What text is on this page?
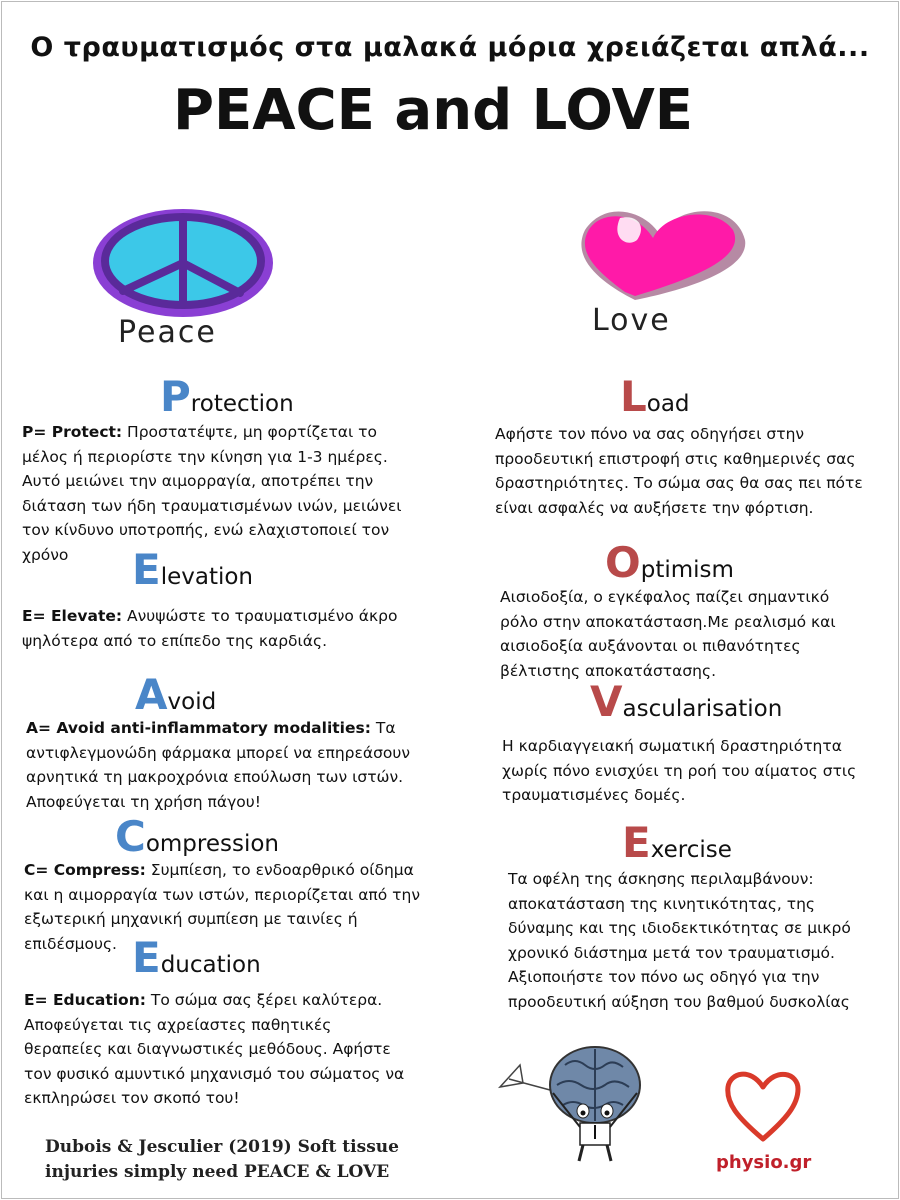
Ο τραυματισμός στα μαλακά μόρια χρειάζεται απλά...
PEACE and LOVE
Peace	Love
Protection
P= Protect: Προστατέψτε, μη φορτίζεται το μέλος ή περιορίστε την κίνηση για 1-3 ημέρες. Αυτό μειώνει την αιμορραγία, αποτρέπει την διάταση των ήδη τραυματισμένων ινών, μειώνει τον κίνδυνο υποτροπής, ενώ ελαχιστοποιεί τον χρόνο	Elevation
E= Elevate: Ανυψώστε το τραυματισμένο άκρο ψηλότερα από το επίπεδο της καρδιάς.
Avoid
A= Avoid anti-inflammatory modalities: Τα αντιφλεγμονώδη φάρμακα μπορεί να επηρεάσουν αρνητικά τη μακροχρόνια επούλωση των ιστών. Αποφεύγεται τη χρήση πάγου!
Compression
C= Compress: Συμπίεση, το ενδοαρθρικό οίδημα και η αιμορραγία των ιστών, περιορίζεται από την εξωτερική μηχανική συμπίεση με ταινίες ή επιδέσμους. Education
E= Education: Το σώμα σας ξέρει καλύτερα. Αποφεύγεται τις αχρείαστες παθητικές θεραπείες και διαγνωστικές μεθόδους. Αφήστε τον φυσικό αμυντικό μηχανισμό του σώματος να εκπληρώσει τον σκοπό του!
Load
Αφήστε τον πόνο να σας οδηγήσει στην προοδευτική επιστροφή στις καθημερινές σας δραστηριότητες. Το σώμα σας θα σας πει πότε είναι ασφαλές να αυξήσετε την φόρτιση.
Optimism
Αισιοδοξία, ο εγκέφαλος παίζει σημαντικό ρόλο στην αποκατάσταση.Με ρεαλισμό και αισιοδοξία αυξάνονται οι πιθανότητες βέλτιστης αποκατάστασης.
Vascularisation
Η καρδιαγγειακή σωματική δραστηριότητα χωρίς πόνο ενισχύει τη ροή του αίματος στις τραυματισμένες δομές.
Exercise
Τα οφέλη της άσκησης περιλαμβάνουν: αποκατάσταση της κινητικότητας, της δύναμης και της ιδιοδεκτικότητας σε μικρό χρονικό διάστημα μετά τον τραυματισμό. Αξιοποιήστε τον πόνο ως οδηγό για την προοδευτική αύξηση του βαθμού δυσκολίας
Dubois & Jesculier (2019) Soft tissue
injuries simply need PEACE & LOVE	physio.gr
